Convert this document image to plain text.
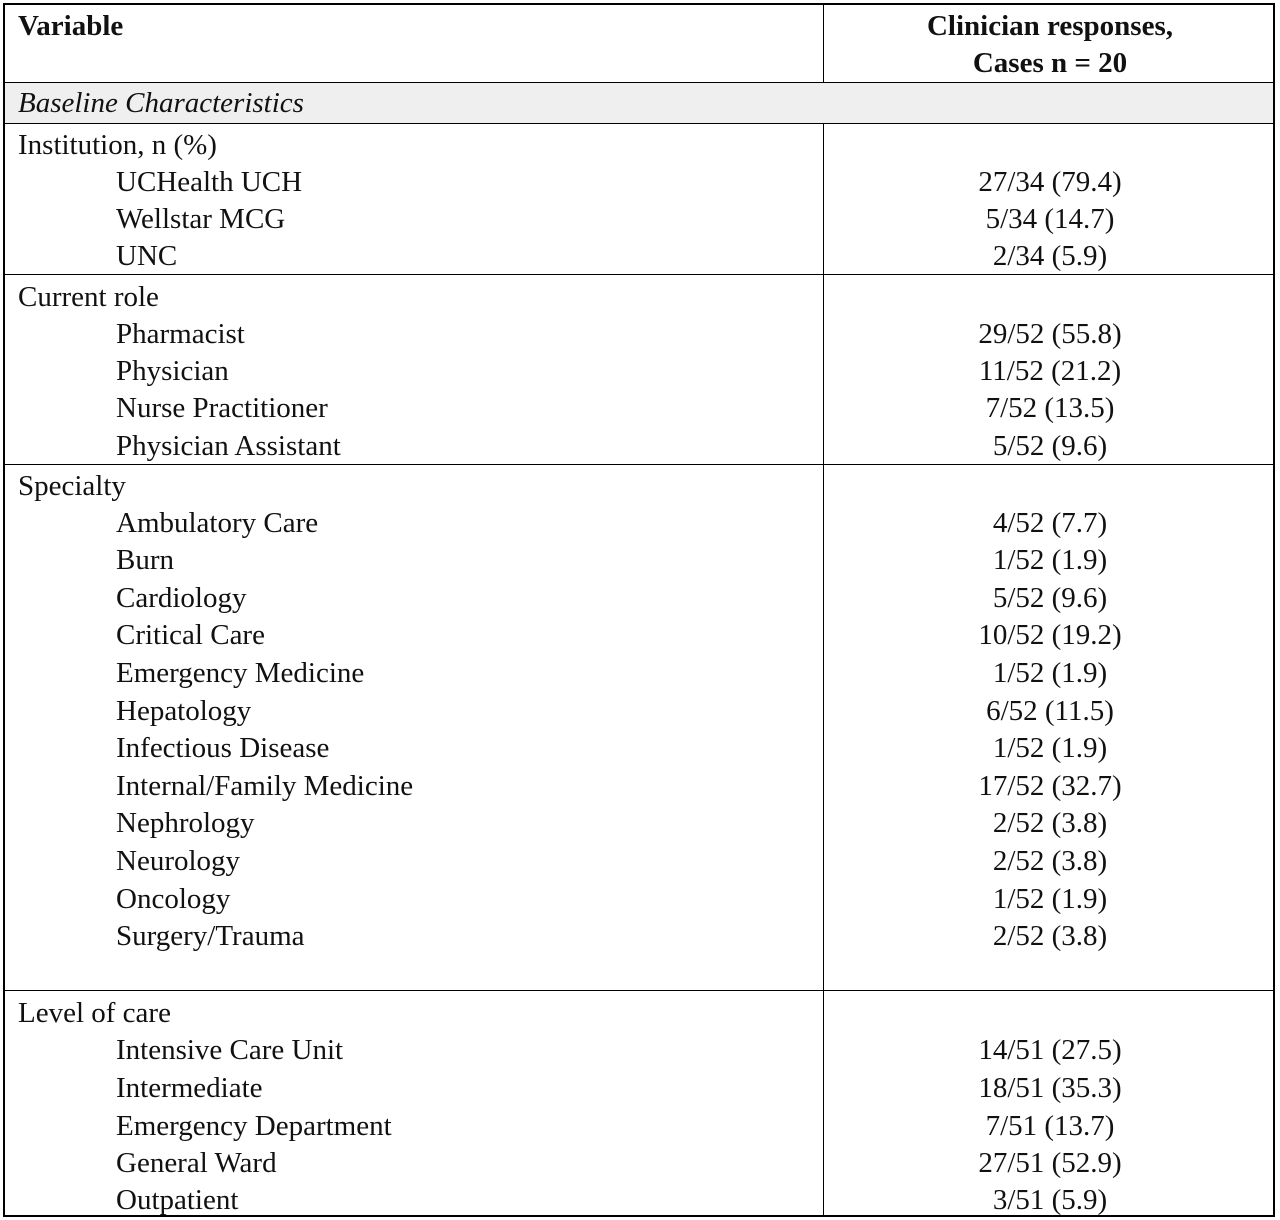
Variable	Clinician responses,
Cases n = 20
Baseline Characteristics
Institution, n (%)
UCHealth UCH	27/34 (79.4)
Wellstar MCG	5/34 (14.7)
UNC	2/34 (5.9)
Current role
Pharmacist	29/52 (55.8)
Physician	11/52 (21.2)
Nurse Practitioner	7/52 (13.5)
Physician Assistant	5/52 (9.6)
Specialty
Ambulatory Care	4/52 (7.7)
Burn	1/52 (1.9)
Cardiology	5/52 (9.6)
Critical Care	10/52 (19.2)
Emergency Medicine	1/52 (1.9)
Hepatology	6/52 (11.5)
Infectious Disease	1/52 (1.9)
Internal/Family Medicine	17/52 (32.7)
Nephrology	2/52 (3.8)
Neurology	2/52 (3.8)
Oncology	1/52 (1.9)
Surgery/Trauma	2/52 (3.8)
Level of care
Intensive Care Unit	14/51 (27.5)
Intermediate	18/51 (35.3)
Emergency Department	7/51 (13.7)
General Ward	27/51 (52.9)
Outpatient	3/51 (5.9)
